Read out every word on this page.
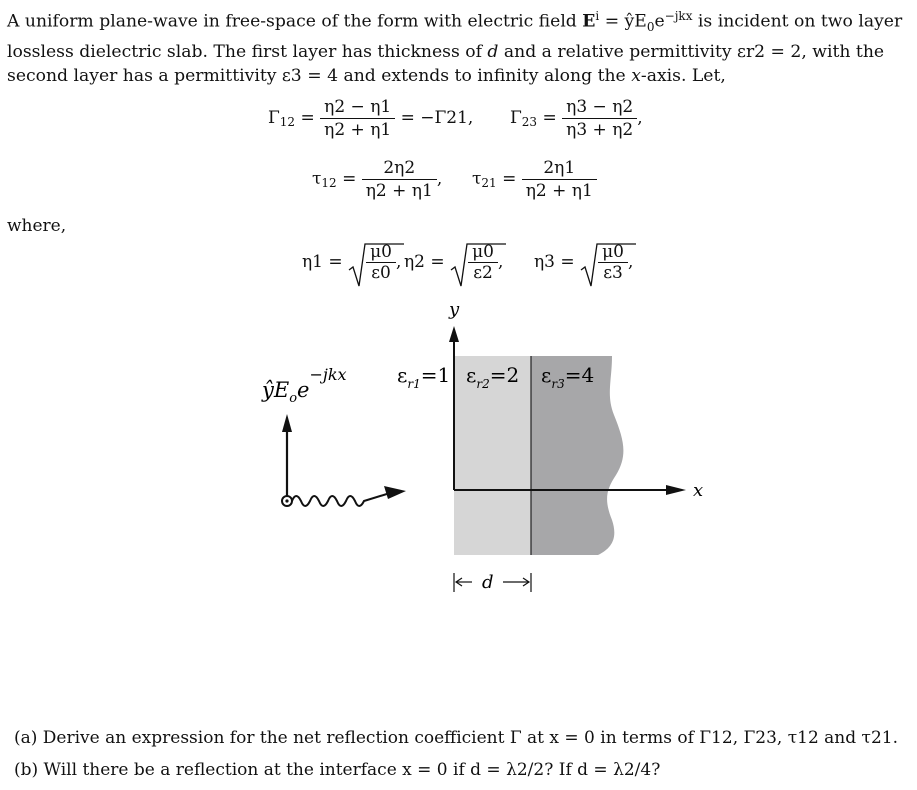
A uniform plane-wave in free-space of the form with electric field $E^i$ = $ŷE_0e^{-jkx}$ is incident on two layer lossless dielectric slab. The first layer has thickness of d and a relative permittivity εr2 = 2, with the second layer has a permittivity ε3 = 4 and extends to infinity along the x-axis. Let,

$\Gamma_{12} = \frac{\eta 2 - \eta 1}{\eta 2 + \eta 1} = -\Gamma 21$, $\Gamma_{23} = \frac{\eta 3 - \eta 2}{\eta 3 + \eta 2}$ ,
$\tau_{12} = \frac{2\eta 2}{\eta 2 + \eta 1}$ , $\tau_{21} = \frac{2\eta 1}{\eta 2 + \eta 1}$
where,
$\eta 1 = \frac{\mu 0}{\varepsilon 0}$ , $\eta 2 = \frac{\mu 0}{\varepsilon 2}$ , $\eta 3 = \frac{\mu 0}{\varepsilon 3}$ ,
y
x
$\varepsilon_{r1}=1$ $\varepsilon_{r2}=2$ $\varepsilon_{r3}=4$
$ŷE_oe^{-jkx}$
d
(a) Derive an expression for the net reflection coefficient Γ at x = 0 in terms of Γ12, Γ23, τ12 and τ21.
(b) Will there be a reflection at the interface x = 0 if d = λ2/2? If d = λ2/4?
